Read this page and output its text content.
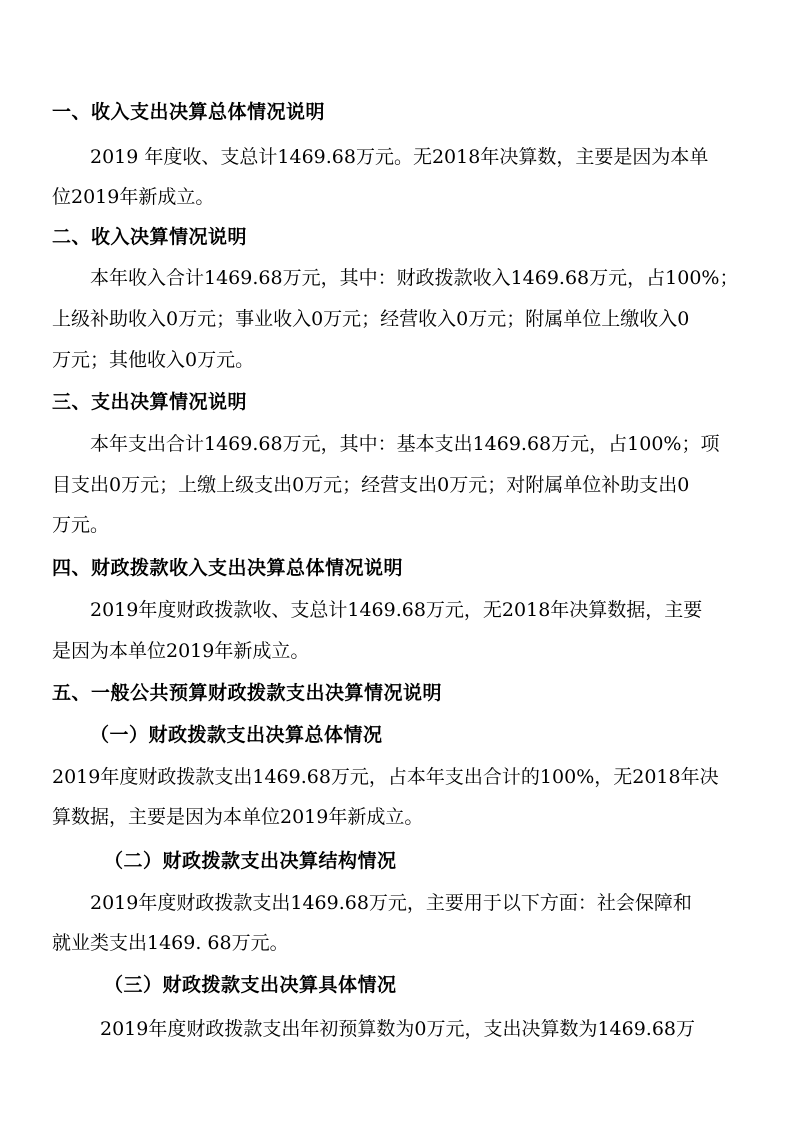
一、收入支出决算总体情况说明
2019 年度收、支总计1469.68万元。无2018年决算数，主要是因为本单
位2019年新成立。
二、收入决算情况说明
本年收入合计1469.68万元，其中：财政拨款收入1469.68万元，占100%；
上级补助收入0万元；事业收入0万元；经营收入0万元；附属单位上缴收入0
万元；其他收入0万元。
三、支出决算情况说明
本年支出合计1469.68万元，其中：基本支出1469.68万元，占100%；项
目支出0万元；上缴上级支出0万元；经营支出0万元；对附属单位补助支出0
万元。
四、财政拨款收入支出决算总体情况说明
2019年度财政拨款收、支总计1469.68万元，无2018年决算数据，主要
是因为本单位2019年新成立。
五、一般公共预算财政拨款支出决算情况说明
（一）财政拨款支出决算总体情况
2019年度财政拨款支出1469.68万元，占本年支出合计的100%，无2018年决
算数据，主要是因为本单位2019年新成立。
（二）财政拨款支出决算结构情况
2019年度财政拨款支出1469.68万元，主要用于以下方面：社会保障和
就业类支出1469. 68万元。
（三）财政拨款支出决算具体情况
2019年度财政拨款支出年初预算数为0万元，支出决算数为1469.68万
